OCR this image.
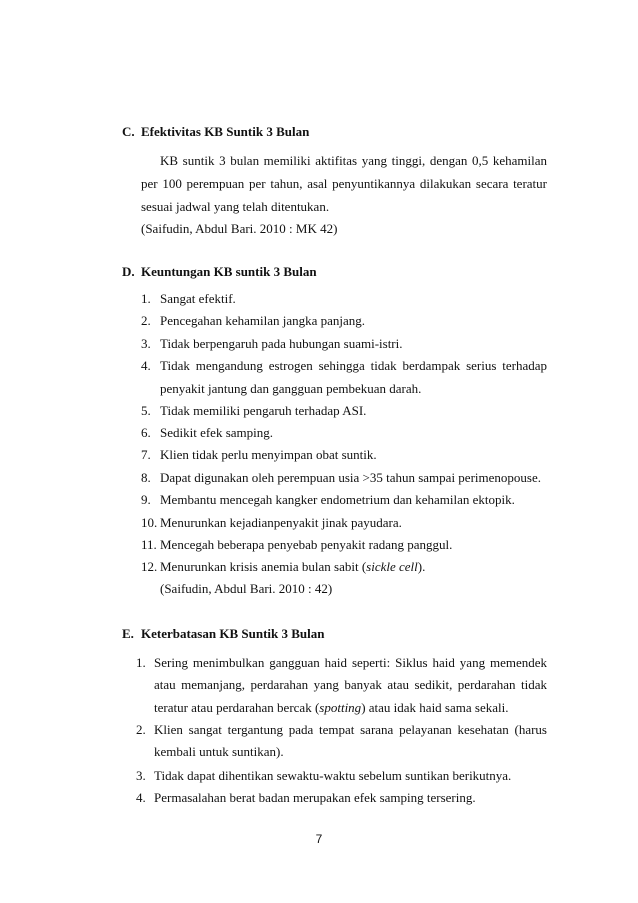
C. Efektivitas KB Suntik 3 Bulan
KB suntik 3 bulan memiliki aktifitas yang tinggi, dengan 0,5 kehamilan
per 100 perempuan per tahun, asal penyuntikannya dilakukan secara teratur
sesuai jadwal yang telah ditentukan.
(Saifudin, Abdul Bari. 2010 : MK 42)
D. Keuntungan KB suntik 3 Bulan
1. Sangat efektif.
2. Pencegahan kehamilan jangka panjang.
3. Tidak berpengaruh pada hubungan suami-istri.
4. Tidak mengandung estrogen sehingga tidak berdampak serius terhadap
penyakit jantung dan gangguan pembekuan darah.
5. Tidak memiliki pengaruh terhadap ASI.
6. Sedikit efek samping.
7. Klien tidak perlu menyimpan obat suntik.
8. Dapat digunakan oleh perempuan usia >35 tahun sampai perimenopouse.
9. Membantu mencegah kangker endometrium dan kehamilan ektopik.
10. Menurunkan kejadianpenyakit jinak payudara.
11. Mencegah beberapa penyebab penyakit radang panggul.
12. Menurunkan krisis anemia bulan sabit (sickle cell).
(Saifudin, Abdul Bari. 2010 : 42)
E. Keterbatasan KB Suntik 3 Bulan
1. Sering menimbulkan gangguan haid seperti: Siklus haid yang memendek
atau memanjang, perdarahan yang banyak atau sedikit, perdarahan tidak
teratur atau perdarahan bercak (spotting) atau idak haid sama sekali.
2. Klien sangat tergantung pada tempat sarana pelayanan kesehatan (harus
kembali untuk suntikan).
3. Tidak dapat dihentikan sewaktu-waktu sebelum suntikan berikutnya.
4. Permasalahan berat badan merupakan efek samping tersering.
7
